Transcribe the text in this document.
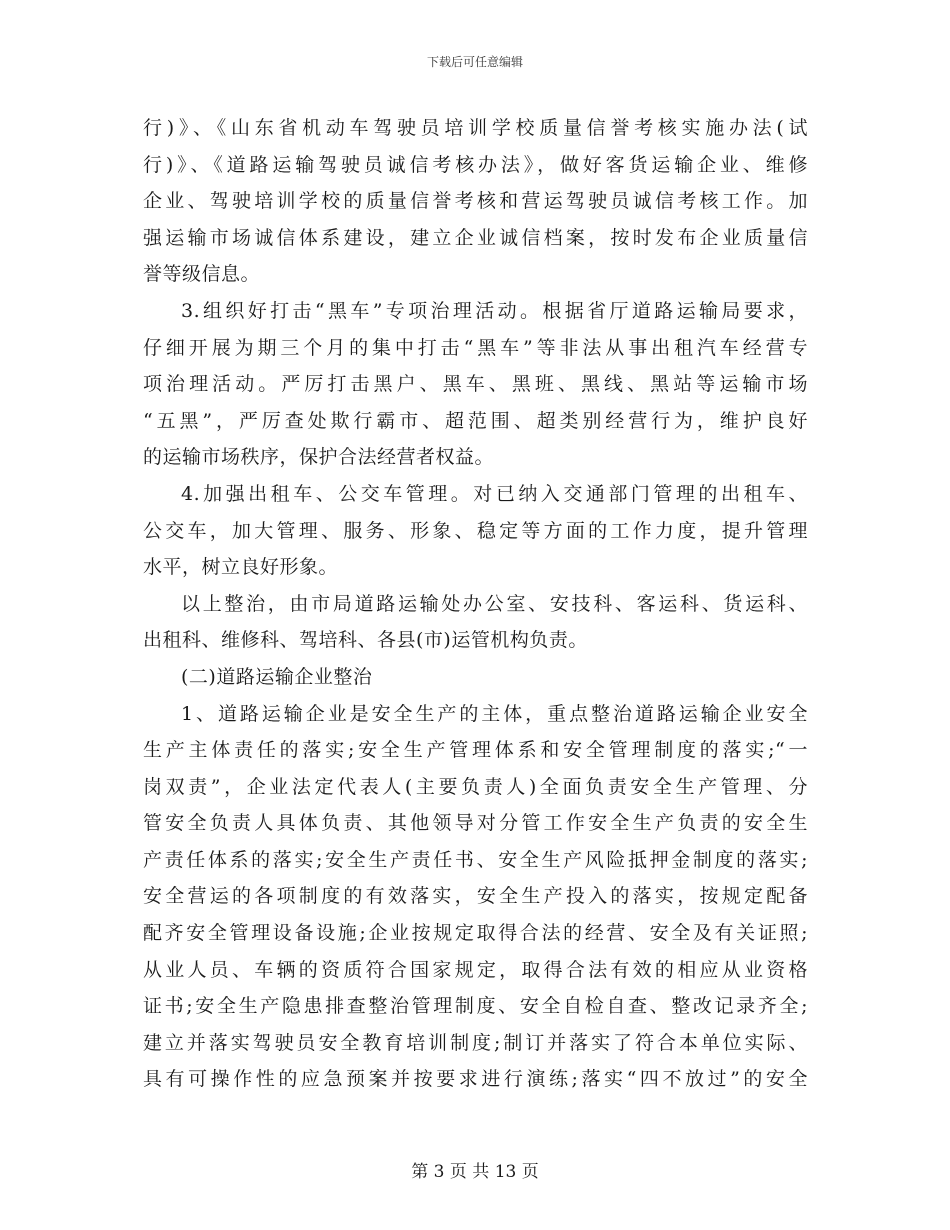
下载后可任意编辑
行)》、《山东省机动车驾驶员培训学校质量信誉考核实施办法(试
行)》、《道路运输驾驶员诚信考核办法》，做好客货运输企业、维修
企业、驾驶培训学校的质量信誉考核和营运驾驶员诚信考核工作。加
强运输市场诚信体系建设，建立企业诚信档案，按时发布企业质量信
誉等级信息。
3.组织好打击“黑车”专项治理活动。根据省厅道路运输局要求，
仔细开展为期三个月的集中打击“黑车”等非法从事出租汽车经营专
项治理活动。严厉打击黑户、黑车、黑班、黑线、黑站等运输市场
“五黑”，严厉查处欺行霸市、超范围、超类别经营行为，维护良好
的运输市场秩序，保护合法经营者权益。
4.加强出租车、公交车管理。对已纳入交通部门管理的出租车、
公交车，加大管理、服务、形象、稳定等方面的工作力度，提升管理
水平，树立良好形象。
以上整治，由市局道路运输处办公室、安技科、客运科、货运科、
出租科、维修科、驾培科、各县(市)运管机构负责。
(二)道路运输企业整治
1、道路运输企业是安全生产的主体，重点整治道路运输企业安全
生产主体责任的落实;安全生产管理体系和安全管理制度的落实;“一
岗双责”，企业法定代表人(主要负责人)全面负责安全生产管理、分
管安全负责人具体负责、其他领导对分管工作安全生产负责的安全生
产责任体系的落实;安全生产责任书、安全生产风险抵押金制度的落实;
安全营运的各项制度的有效落实，安全生产投入的落实，按规定配备
配齐安全管理设备设施;企业按规定取得合法的经营、安全及有关证照;
从业人员、车辆的资质符合国家规定，取得合法有效的相应从业资格
证书;安全生产隐患排查整治管理制度、安全自检自查、整改记录齐全;
建立并落实驾驶员安全教育培训制度;制订并落实了符合本单位实际、
具有可操作性的应急预案并按要求进行演练;落实“四不放过”的安全
第 3 页 共 13 页
